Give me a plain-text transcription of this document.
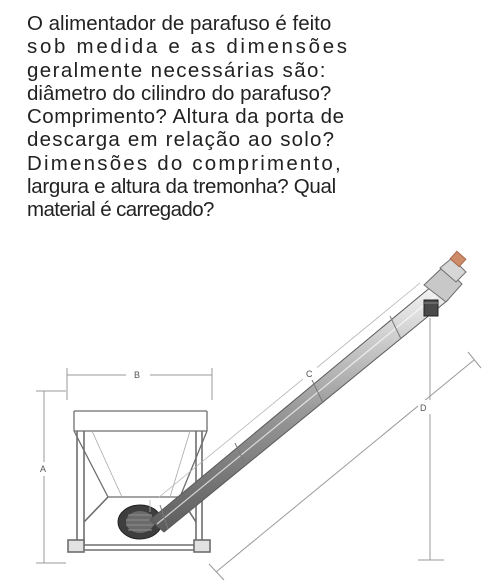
B
A
C
D
O alimentador de parafuso é feito
sob medida e as dimensões
geralmente necessárias são:
diâmetro do cilindro do parafuso?
Comprimento? Altura da porta de
descarga em relação ao solo?
Dimensões do comprimento,
largura e altura da tremonha? Qual
material é carregado?
